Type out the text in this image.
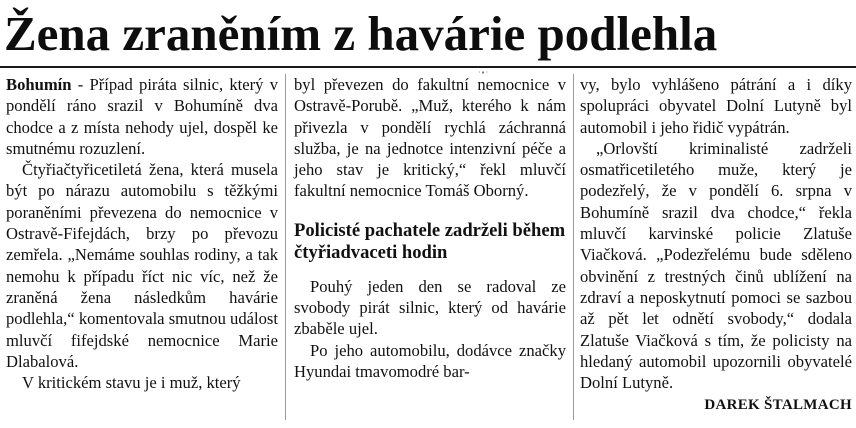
Žena zraněním z havárie podlehla
·▪·

Bohumín - Případ piráta silnic, který v pondělí ráno srazil v Bohumíně dva chodce a z místa nehody ujel, dospěl ke smutnému rozuzlení.

Čtyřiačtyřicetiletá žena, která musela být po nárazu automobilu s těžkými poraněními převezena do nemocnice v Ostravě-Fifejdách, brzy po převozu zemřela. „Nemáme souhlas rodiny, a tak nemohu k případu říct nic víc, než že zraněná žena následkům havárie podlehla,“ komentovala smutnou událost mluvčí fifejdské nemocnice Marie Dlabalová.

V kritickém stavu je i muž, který

byl převezen do fakultní nemocnice v Ostravě-Porubě. „Muž, kterého k nám přivezla v pondělí rychlá záchranná služba, je na jednotce intenzivní péče a jeho stav je kritický,“ řekl mluvčí fakultní nemocnice Tomáš Oborný.

Policisté pachatele zadrželi během čtyřiadvaceti hodin

Pouhý jeden den se radoval ze svobody pirát silnic, který od havárie zbaběle ujel.

Po jeho automobilu, dodávce značky Hyundai tmavomodré bar-

vy, bylo vyhlášeno pátrání a i díky spolupráci obyvatel Dolní Lutyně byl automobil i jeho řidič vypátrán.

„Orlovští kriminalisté zadrželi osmatřicetiletého muže, který je podezřelý, že v pondělí 6. srpna v Bohumíně srazil dva chodce,“ řekla mluvčí karvinské policie Zlatuše Viačková. „Podezřelému bude sděleno obvinění z trestných činů ublížení na zdraví a neposkytnutí pomoci se sazbou až pět let odnětí svobody,“ dodala Zlatuše Viačková s tím, že policisty na hledaný automobil upozornili obyvatelé Dolní Lutyně.

DAREK ŠTALMACH
